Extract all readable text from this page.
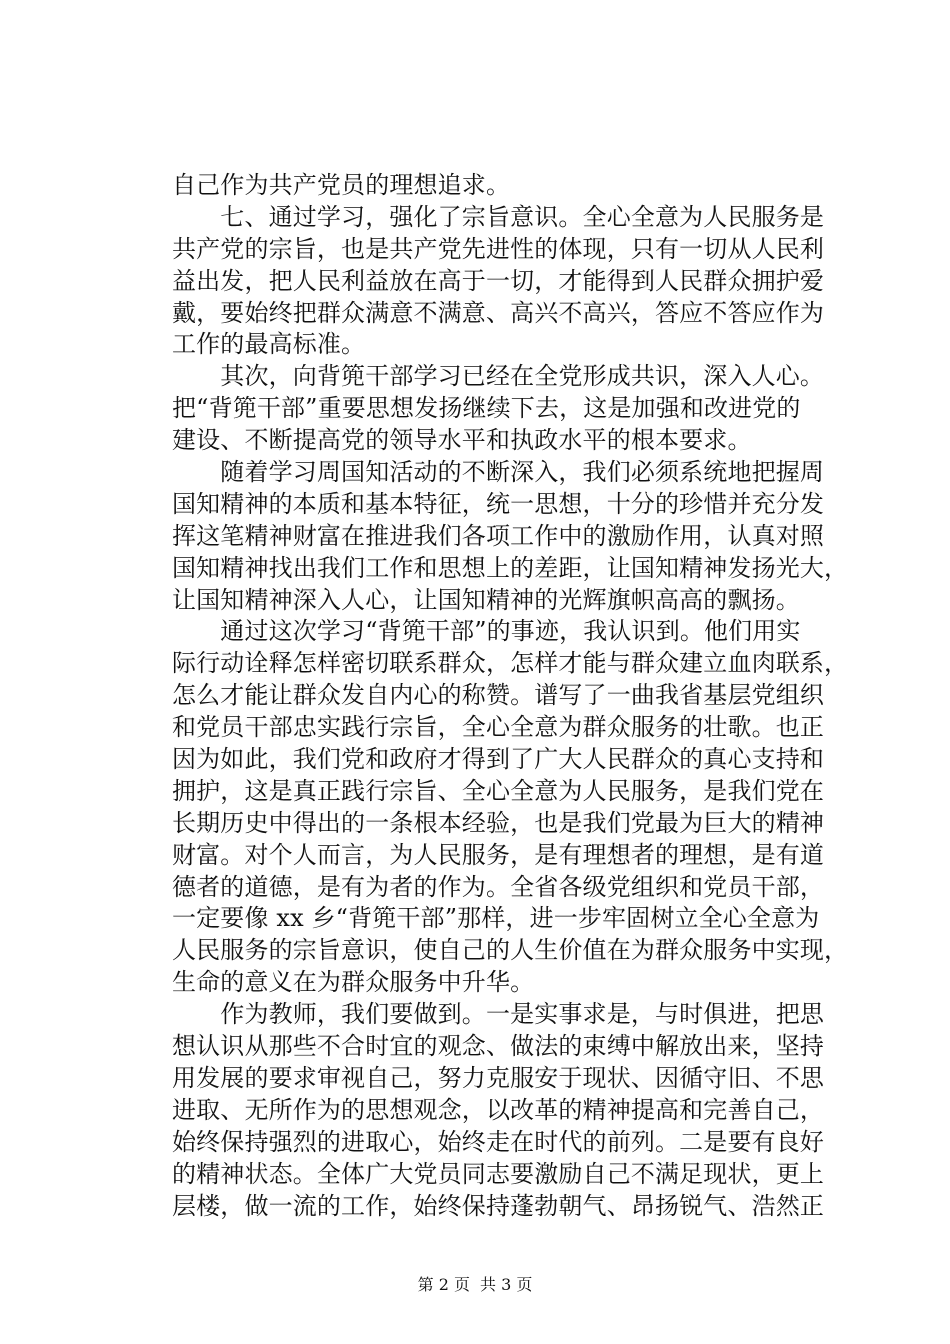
自己作为共产党员的理想追求。
　　七、通过学习，强化了宗旨意识。全心全意为人民服务是
共产党的宗旨，也是共产党先进性的体现，只有一切从人民利
益出发，把人民利益放在高于一切，才能得到人民群众拥护爱
戴，要始终把群众满意不满意、高兴不高兴，答应不答应作为
工作的最高标准。
　　其次，向背篼干部学习已经在全党形成共识，深入人心。
把“背篼干部”重要思想发扬继续下去，这是加强和改进党的
建设、不断提高党的领导水平和执政水平的根本要求。
　　随着学习周国知活动的不断深入，我们必须系统地把握周
国知精神的本质和基本特征，统一思想，十分的珍惜并充分发
挥这笔精神财富在推进我们各项工作中的激励作用，认真对照
国知精神找出我们工作和思想上的差距，让国知精神发扬光大，
让国知精神深入人心，让国知精神的光辉旗帜高高的飘扬。
　　通过这次学习“背篼干部”的事迹，我认识到。他们用实
际行动诠释怎样密切联系群众，怎样才能与群众建立血肉联系，
怎么才能让群众发自内心的称赞。谱写了一曲我省基层党组织
和党员干部忠实践行宗旨，全心全意为群众服务的壮歌。也正
因为如此，我们党和政府才得到了广大人民群众的真心支持和
拥护，这是真正践行宗旨、全心全意为人民服务，是我们党在
长期历史中得出的一条根本经验，也是我们党最为巨大的精神
财富。对个人而言，为人民服务，是有理想者的理想，是有道
德者的道德，是有为者的作为。全省各级党组织和党员干部，
一定要像 xx 乡“背篼干部”那样，进一步牢固树立全心全意为
人民服务的宗旨意识，使自己的人生价值在为群众服务中实现，
生命的意义在为群众服务中升华。
　　作为教师，我们要做到。一是实事求是，与时俱进，把思
想认识从那些不合时宜的观念、做法的束缚中解放出来，坚持
用发展的要求审视自己，努力克服安于现状、因循守旧、不思
进取、无所作为的思想观念，以改革的精神提高和完善自己，
始终保持强烈的进取心，始终走在时代的前列。二是要有良好
的精神状态。全体广大党员同志要激励自己不满足现状，更上
层楼，做一流的工作，始终保持蓬勃朝气、昂扬锐气、浩然正
第 2 页 共 3 页
